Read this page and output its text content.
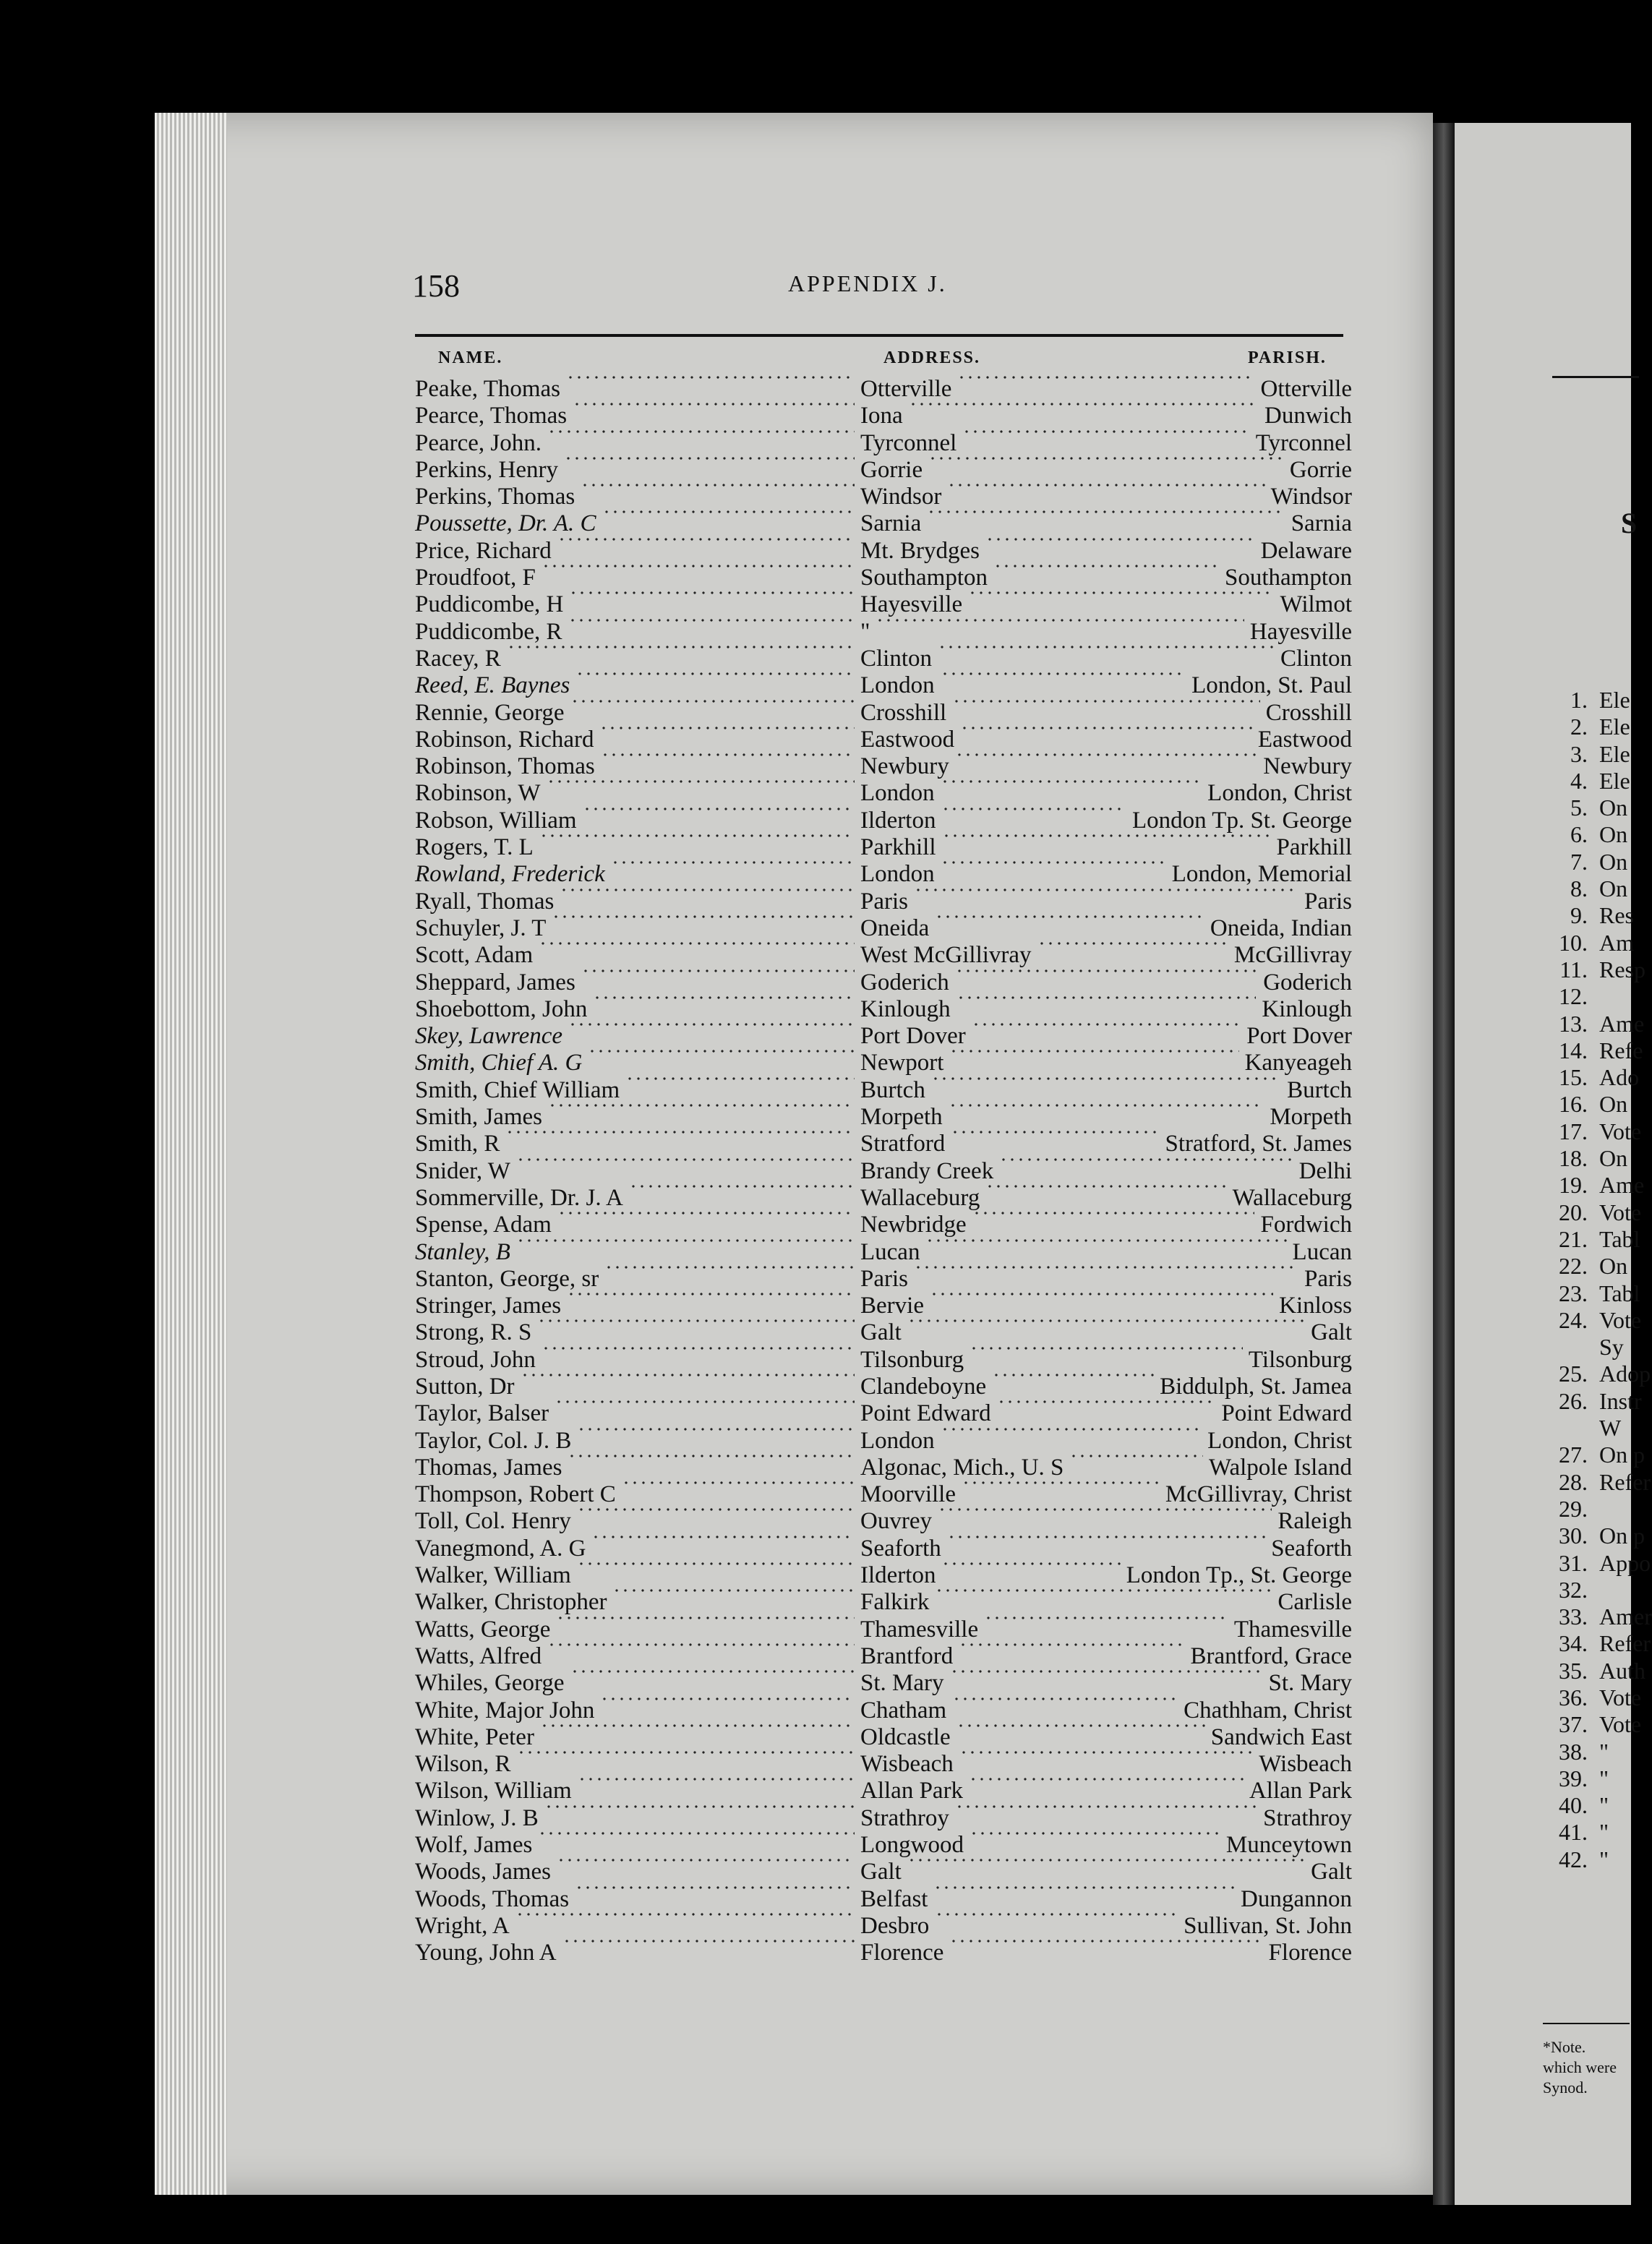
158	APPENDIX J.
NAME.	ADDRESS.	PARISH.
Peake, Thomas	Otterville	Otterville
Pearce, Thomas	Iona	Dunwich
Pearce, John.	Tyrconnel	Tyrconnel
Perkins, Henry	Gorrie	Gorrie
Perkins, Thomas	Windsor	Windsor
Poussette, Dr. A. C	Sarnia	Sarnia
Price, Richard	Mt. Brydges	Delaware
Proudfoot, F	Southampton	Southampton
Puddicombe, H	Hayesville	Wilmot
Puddicombe, R	"	Hayesville
Racey, R	Clinton	Clinton
Reed, E. Baynes	London	London, St. Paul
Rennie, George	Crosshill	Crosshill
Robinson, Richard	Eastwood	Eastwood
Robinson, Thomas	Newbury	Newbury
Robinson, W	London	London, Christ
Robson, William	Ilderton	London Tp. St. George
Rogers, T. L	Parkhill	Parkhill
Rowland, Frederick	London	London, Memorial
Ryall, Thomas	Paris	Paris
Schuyler, J. T	Oneida	Oneida, Indian
Scott, Adam	West McGillivray	McGillivray
Sheppard, James	Goderich	Goderich
Shoebottom, John	Kinlough	Kinlough
Skey, Lawrence	Port Dover	Port Dover
Smith, Chief A. G	Newport	Kanyeageh
Smith, Chief William	Burtch	Burtch
Smith, James	Morpeth	Morpeth
Smith, R	Stratford	Stratford, St. James
Snider, W	Brandy Creek	Delhi
Sommerville, Dr. J. A	Wallaceburg	Wallaceburg
Spense, Adam	Newbridge	Fordwich
Stanley, B	Lucan	Lucan
Stanton, George, sr	Paris	Paris
Stringer, James	Bervie	Kinloss
Strong, R. S	Galt	Galt
Stroud, John	Tilsonburg	Tilsonburg
Sutton, Dr	Clandeboyne	Biddulph, St. Jamea
Taylor, Balser	Point Edward	Point Edward
Taylor, Col. J. B	London	London, Christ
Thomas, James	Algonac, Mich., U. S	Walpole Island
Thompson, Robert C	Moorville	McGillivray, Christ
Toll, Col. Henry	Ouvrey	Raleigh
Vanegmond, A. G	Seaforth	Seaforth
Walker, William	Ilderton	London Tp., St. George
Walker, Christopher	Falkirk	Carlisle
Watts, George	Thamesville	Thamesville
Watts, Alfred	Brantford	Brantford, Grace
Whiles, George	St. Mary	St. Mary
White, Major John	Chatham	Chathham, Christ
White, Peter	Oldcastle	Sandwich East
Wilson, R	Wisbeach	Wisbeach
Wilson, William	Allan Park	Allan Park
Winlow, J. B	Strathroy	Strathroy
Wolf, James	Longwood	Munceytown
Woods, James	Galt	Galt
Woods, Thomas	Belfast	Dungannon
Wright, A	Desbro	Sullivan, St. John
Young, John A	Florence	Florence
S
1. Ele
2. Ele
3. Ele
4. Ele
5. On
6. On
7. On
8. On
9. Res
10. Am
11. Resp
12.
13. Ame
14. Refe
15. Ado
16. On
17. Vote
18. On
19. Ame
20. Vote
21. Tabl
22. On
23. Tabl
24. Vote
Sy
25. Adop
26. Instr
W
27. On p
28. Refer
29.
30. On p
31. Appo
32.
33. Amer
34. Refer
35. Auth
36. Vote
37. Vote
38. "
39. "
40. "
41. "
42. "
*Note.
which were
Synod.
